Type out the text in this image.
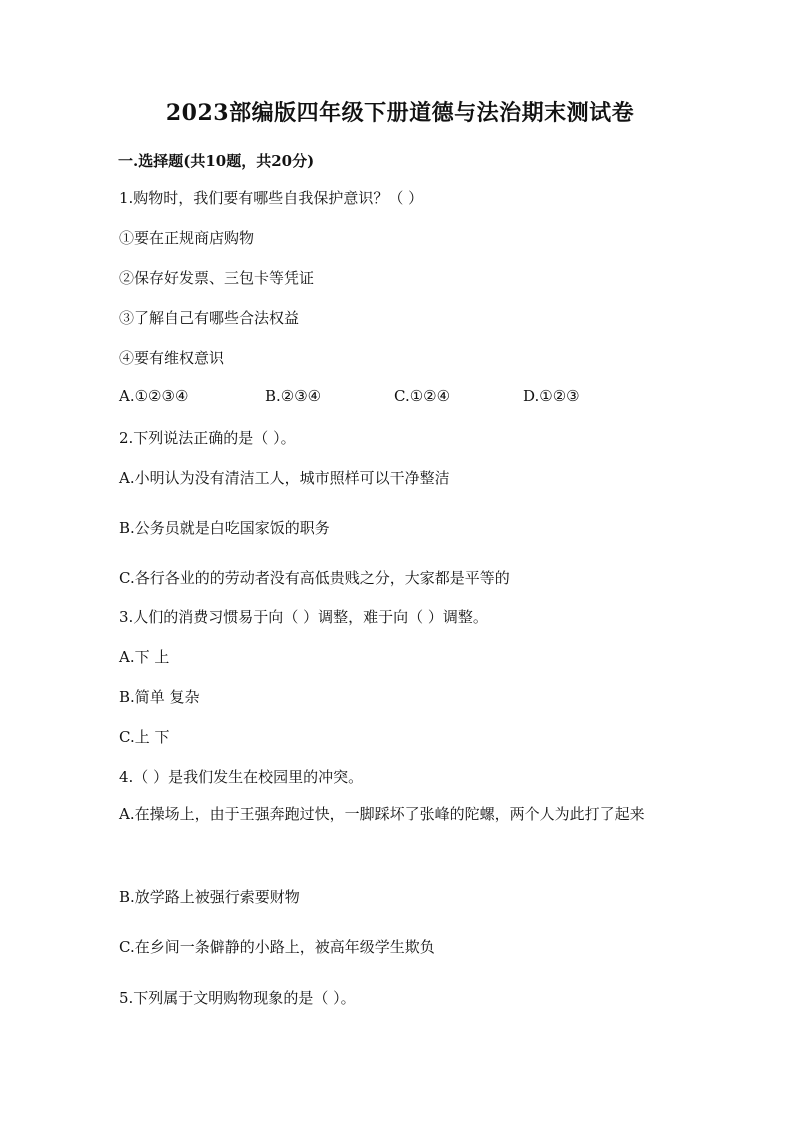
2023部编版四年级下册道德与法治期末测试卷
一.选择题(共10题，共20分)
1.购物时，我们要有哪些自我保护意识？（ ）
①要在正规商店购物
②保存好发票、三包卡等凭证
③了解自己有哪些合法权益
④要有维权意识
A.①②③④	B.②③④	C.①②④	D.①②③
2.下列说法正确的是（ ）。
A.小明认为没有清洁工人，城市照样可以干净整洁
B.公务员就是白吃国家饭的职务
C.各行各业的的劳动者没有高低贵贱之分，大家都是平等的
3.人们的消费习惯易于向（ ）调整，难于向（ ）调整。
A.下 上
B.简单 复杂
C.上 下
4.（ ）是我们发生在校园里的冲突。
A.在操场上，由于王强奔跑过快，一脚踩坏了张峰的陀螺，两个人为此打了起来
B.放学路上被强行索要财物
C.在乡间一条僻静的小路上，被高年级学生欺负
5.下列属于文明购物现象的是（ ）。
